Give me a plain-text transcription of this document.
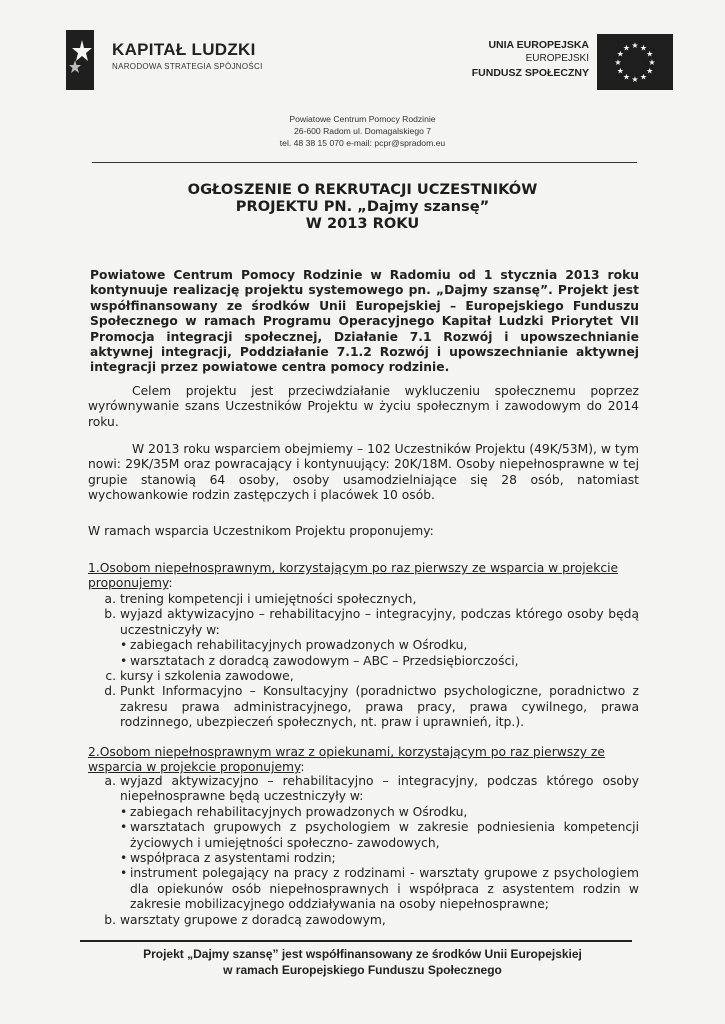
KAPITAŁ LUDZKI
NARODOWA STRATEGIA SPÓJNOŚCI
UNIA EUROPEJSKA
EUROPEJSKI
FUNDUSZ SPOŁECZNY
★ ★
★
★
★
★
★
★
★
★
★
★
Powiatowe Centrum Pomocy Rodzinie
26-600 Radom ul. Domagalskiego 7
tel. 48 38 15 070 e-mail: pcpr@spradom.eu
OGŁOSZENIE O REKRUTACJI UCZESTNIKÓW
PROJEKTU PN. „Dajmy szansę”
W 2013 ROKU
Powiatowe Centrum Pomocy Rodzinie w Radomiu od 1 stycznia 2013 roku kontynuuje realizację projektu systemowego pn. „Dajmy szansę”. Projekt jest współfinansowany ze środków Unii Europejskiej – Europejskiego Funduszu Społecznego w ramach Programu Operacyjnego Kapitał Ludzki Priorytet VII Promocja integracji społecznej, Działanie 7.1 Rozwój i upowszechnianie aktywnej integracji, Poddziałanie 7.1.2 Rozwój i upowszechnianie aktywnej integracji przez powiatowe centra pomocy rodzinie.
Celem projektu jest przeciwdziałanie wykluczeniu społecznemu poprzez wyrównywanie szans Uczestników Projektu w życiu społecznym i zawodowym do 2014 roku.
W 2013 roku wsparciem obejmiemy – 102 Uczestników Projektu (49K/53M), w tym nowi: 29K/35M oraz powracający i kontynuujący: 20K/18M. Osoby niepełnosprawne w tej grupie stanowią 64 osoby, osoby usamodzielniające się 28 osób, natomiast wychowankowie rodzin zastępczych i placówek 10 osób.
W ramach wsparcia Uczestnikom Projektu proponujemy:
1.Osobom niepełnosprawnym, korzystającym po raz pierwszy ze wsparcia w projekcie proponujemy:
a. trening kompetencji i umiejętności społecznych,
b. wyjazd aktywizacyjno – rehabilitacyjno – integracyjny, podczas którego osoby będą uczestniczyły w:
• zabiegach rehabilitacyjnych prowadzonych w Ośrodku,
• warsztatach z doradcą zawodowym – ABC – Przedsiębiorczości,
c. kursy i szkolenia zawodowe,
d. Punkt Informacyjno – Konsultacyjny (poradnictwo psychologiczne, poradnictwo z zakresu prawa administracyjnego, prawa pracy, prawa cywilnego, prawa rodzinnego, ubezpieczeń społecznych, nt. praw i uprawnień, itp.).
2.Osobom niepełnosprawnym wraz z opiekunami, korzystającym po raz pierwszy ze wsparcia w projekcie proponujemy:
a. wyjazd aktywizacyjno – rehabilitacyjno – integracyjny, podczas którego osoby niepełnosprawne będą uczestniczyły w:
• zabiegach rehabilitacyjnych prowadzonych w Ośrodku,
• warsztatach grupowych z psychologiem w zakresie podniesienia kompetencji życiowych i umiejętności społeczno- zawodowych,
• współpraca z asystentami rodzin;
• instrument polegający na pracy z rodzinami - warsztaty grupowe z psychologiem dla opiekunów osób niepełnosprawnych i współpraca z asystentem rodzin w zakresie mobilizacyjnego oddziaływania na osoby niepełnosprawne;
b. warsztaty grupowe z doradcą zawodowym,
Projekt „Dajmy szansę” jest współfinansowany ze środków Unii Europejskiej
w ramach Europejskiego Funduszu Społecznego
